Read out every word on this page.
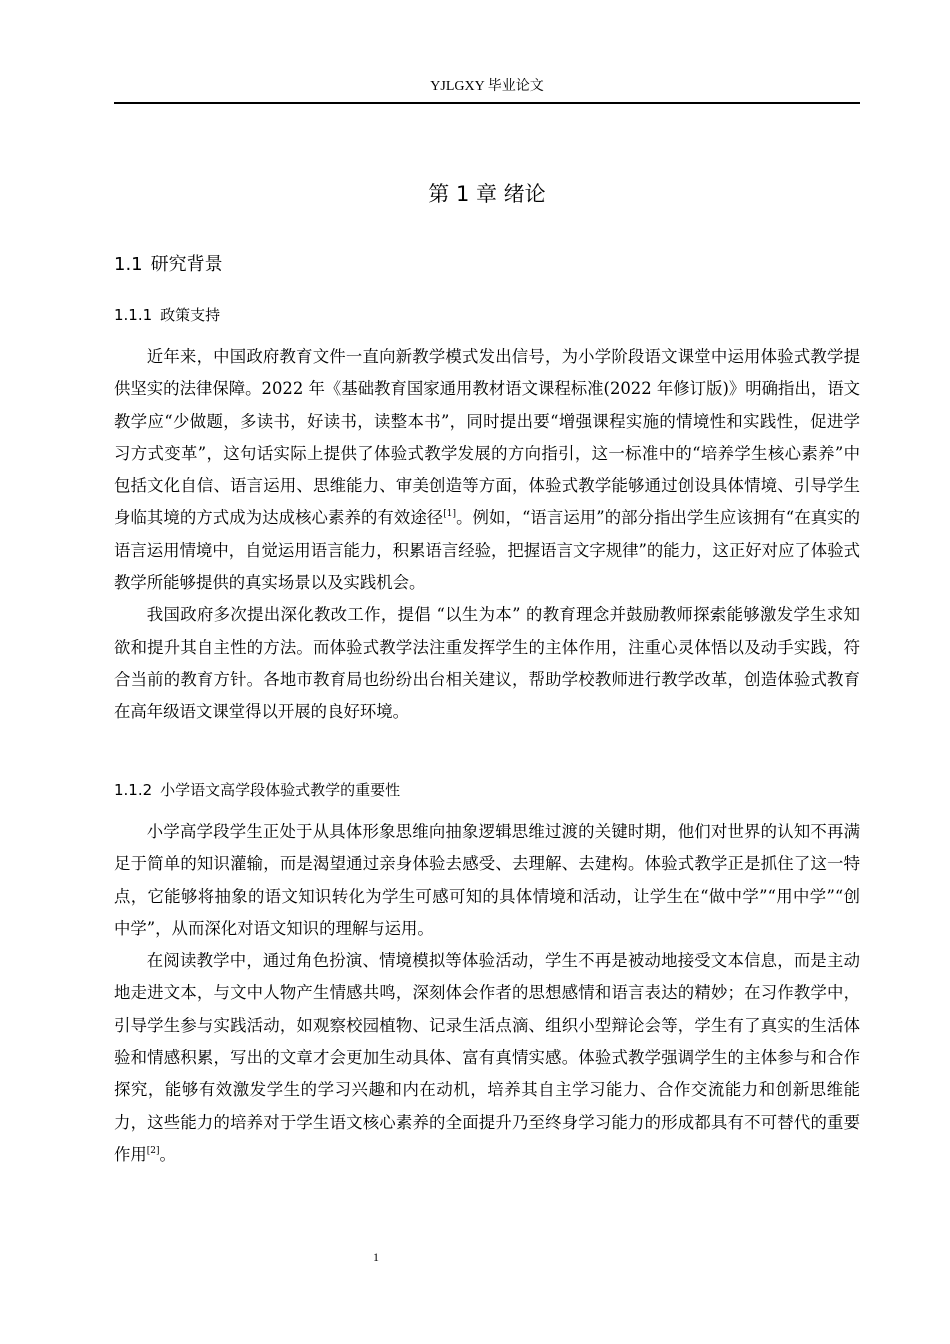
YJLGXY 毕业论文
第 1 章 绪论
1.1 研究背景
1.1.1 政策支持

近年来，中国政府教育文件一直向新教学模式发出信号，为小学阶段语文课堂中运用体验式教学提供坚实的法律保障。2022 年《基础教育国家通用教材语文课程标准(2022 年修订版)》明确指出，语文教学应“少做题，多读书，好读书，读整本书”，同时提出要“增强课程实施的情境性和实践性，促进学习方式变革”，这句话实际上提供了体验式教学发展的方向指引，这一标准中的“培养学生核心素养”中包括文化自信、语言运用、思维能力、审美创造等方面，体验式教学能够通过创设具体情境、引导学生身临其境的方式成为达成核心素养的有效途径[1]。例如，“语言运用”的部分指出学生应该拥有“在真实的语言运用情境中，自觉运用语言能力，积累语言经验，把握语言文字规律”的能力，这正好对应了体验式教学所能够提供的真实场景以及实践机会。

我国政府多次提出深化教改工作，提倡 “以生为本” 的教育理念并鼓励教师探索能够激发学生求知欲和提升其自主性的方法。而体验式教学法注重发挥学生的主体作用，注重心灵体悟以及动手实践，符合当前的教育方针。各地市教育局也纷纷出台相关建议，帮助学校教师进行教学改革，创造体验式教育在高年级语文课堂得以开展的良好环境。

1.1.2 小学语文高学段体验式教学的重要性

小学高学段学生正处于从具体形象思维向抽象逻辑思维过渡的关键时期，他们对世界的认知不再满足于简单的知识灌输，而是渴望通过亲身体验去感受、去理解、去建构。体验式教学正是抓住了这一特点，它能够将抽象的语文知识转化为学生可感可知的具体情境和活动，让学生在“做中学”“用中学”“创中学”，从而深化对语文知识的理解与运用。

在阅读教学中，通过角色扮演、情境模拟等体验活动，学生不再是被动地接受文本信息，而是主动地走进文本，与文中人物产生情感共鸣，深刻体会作者的思想感情和语言表达的精妙；在习作教学中，引导学生参与实践活动，如观察校园植物、记录生活点滴、组织小型辩论会等，学生有了真实的生活体验和情感积累，写出的文章才会更加生动具体、富有真情实感。体验式教学强调学生的主体参与和合作探究，能够有效激发学生的学习兴趣和内在动机，培养其自主学习能力、合作交流能力和创新思维能力，这些能力的培养对于学生语文核心素养的全面提升乃至终身学习能力的形成都具有不可替代的重要作用[2]。

1
